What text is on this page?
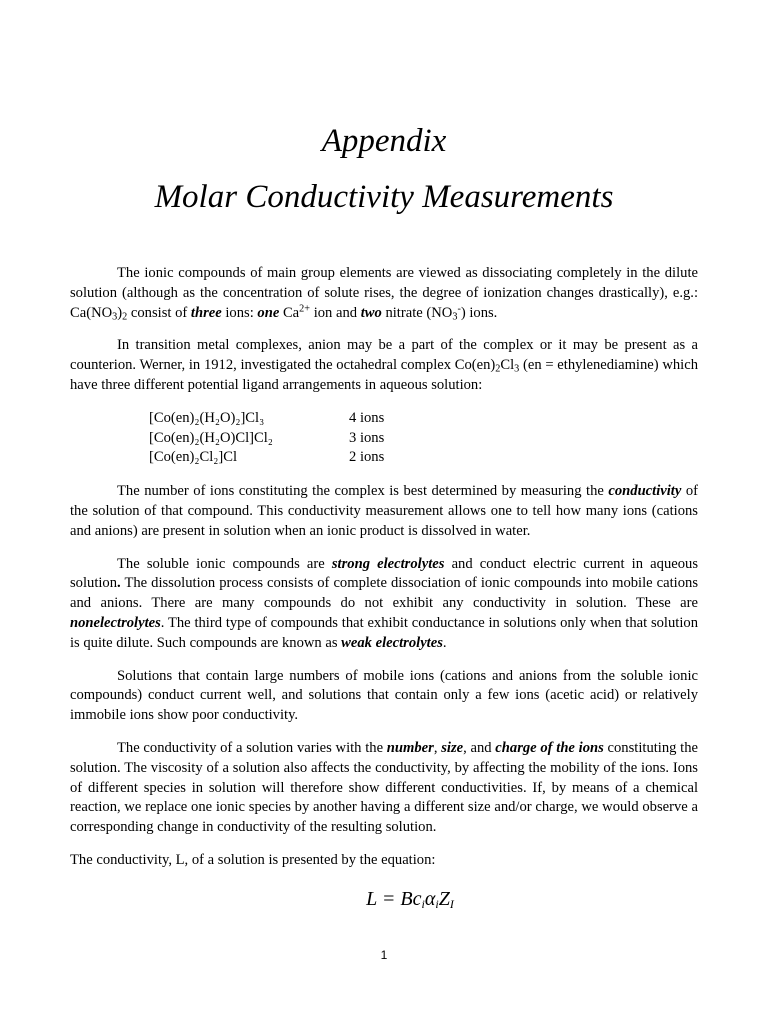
Appendix
Molar Conductivity Measurements

The ionic compounds of main group elements are viewed as dissociating completely in the dilute solution (although as the concentration of solute rises, the degree of ionization changes drastically), e.g.: $Ca(NO_3)_2$ consist of three ions: one $Ca^{2+}$ ion and two nitrate $(NO_3^-)$ ions.

In transition metal complexes, anion may be a part of the complex or it may be present as a counterion. Werner, in 1912, investigated the octahedral complex $Co(en)_2Cl_3$ (en = ethylenediamine) which have three different potential ligand arrangements in aqueous solution:

[Co(en)₂(H₂O)₂]Cl₃	4 ions
[Co(en)₂(H₂O)Cl]Cl₂	3 ions
[Co(en)₂Cl₂]Cl	2 ions

The number of ions constituting the complex is best determined by measuring the conductivity of the solution of that compound. This conductivity measurement allows one to tell how many ions (cations and anions) are present in solution when an ionic product is dissolved in water.

The soluble ionic compounds are strong electrolytes and conduct electric current in aqueous solution. The dissolution process consists of complete dissociation of ionic compounds into mobile cations and anions. There are many compounds do not exhibit any conductivity in solution. These are nonelectrolytes. The third type of compounds that exhibit conductance in solutions only when that solution is quite dilute. Such compounds are known as weak electrolytes.

Solutions that contain large numbers of mobile ions (cations and anions from the soluble ionic compounds) conduct current well, and solutions that contain only a few ions (acetic acid) or relatively immobile ions show poor conductivity.

The conductivity of a solution varies with the number, size, and charge of the ions constituting the solution. The viscosity of a solution also affects the conductivity, by affecting the mobility of the ions. Ions of different species in solution will therefore show different conductivities. If, by means of a chemical reaction, we replace one ionic species by another having a different size and/or charge, we would observe a corresponding change in conductivity of the resulting solution.

The conductivity, L, of a solution is presented by the equation:

$L = Bc_i\alpha_iZ_I$
1
